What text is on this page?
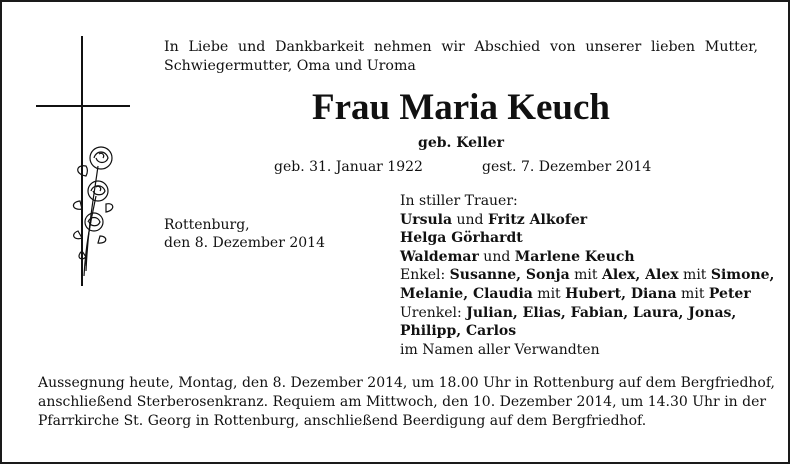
In Liebe und Dankbarkeit nehmen wir Abschied von unserer lieben Mutter,
Schwiegermutter, Oma und Uroma
Frau Maria Keuch
geb. Keller
geb. 31. Januar 1922	gest. 7. Dezember 2014
Rottenburg,
den 8. Dezember 2014
In stiller Trauer:
Ursula und Fritz Alkofer
Helga Görhardt
Waldemar und Marlene Keuch
Enkel: Susanne, Sonja mit Alex, Alex mit Simone,
Melanie, Claudia mit Hubert, Diana mit Peter
Urenkel: Julian, Elias, Fabian, Laura, Jonas,
Philipp, Carlos
im Namen aller Verwandten
Aussegnung heute, Montag, den 8. Dezember 2014, um 18.00 Uhr in Rottenburg auf dem Bergfriedhof,
anschließend Sterberosenkranz. Requiem am Mittwoch, den 10. Dezember 2014, um 14.30 Uhr in der
Pfarrkirche St. Georg in Rottenburg, anschließend Beerdigung auf dem Bergfriedhof.
